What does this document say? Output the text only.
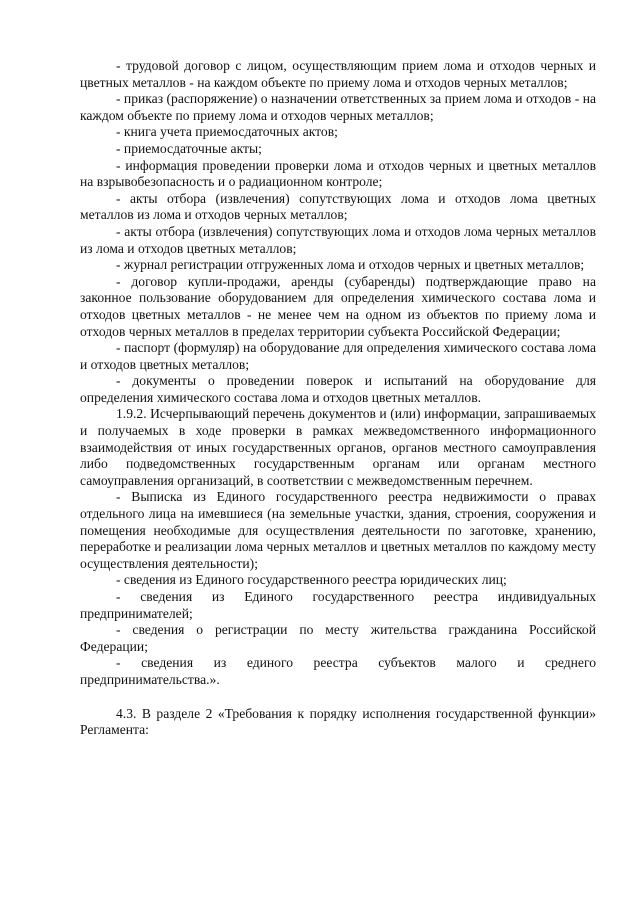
- трудовой договор с лицом, осуществляющим прием лома и отходов черных и цветных металлов - на каждом объекте по приему лома и отходов черных металлов;

- приказ (распоряжение) о назначении ответственных за прием лома и отходов - на каждом объекте по приему лома и отходов черных металлов;

- книга учета приемосдаточных актов;

- приемосдаточные акты;

- информация проведении проверки лома и отходов черных и цветных металлов на взрывобезопасность и о радиационном контроле;

- акты отбора (извлечения) сопутствующих лома и отходов лома цветных металлов из лома и отходов черных металлов;

- акты отбора (извлечения) сопутствующих лома и отходов лома черных металлов из лома и отходов цветных металлов;

- журнал регистрации отгруженных лома и отходов черных и цветных металлов;

- договор купли-продажи, аренды (субаренды) подтверждающие право на законное пользование оборудованием для определения химического состава лома и отходов цветных металлов - не менее чем на одном из объектов по приему лома и отходов черных металлов в пределах территории субъекта Российской Федерации;

- паспорт (формуляр) на оборудование для определения химического состава лома и отходов цветных металлов;

- документы о проведении поверок и испытаний на оборудование для определения химического состава лома и отходов цветных металлов.

1.9.2. Исчерпывающий перечень документов и (или) информации, запрашиваемых и получаемых в ходе проверки в рамках межведомственного информационного взаимодействия от иных государственных органов, органов местного самоуправления либо подведомственных государственным органам или органам местного самоуправления организаций, в соответствии с межведомственным перечнем.

- Выписка из Единого государственного реестра недвижимости о правах отдельного лица на имевшиеся (на земельные участки, здания, строения, сооружения и помещения необходимые для осуществления деятельности по заготовке, хранению, переработке и реализации лома черных металлов и цветных металлов по каждому месту осуществления деятельности);

- сведения из Единого государственного реестра юридических лиц;

- сведения из Единого государственного реестра индивидуальных предпринимателей;

- сведения о регистрации по месту жительства гражданина Российской Федерации;

- сведения из единого реестра субъектов малого и среднего предпринимательства.».

4.3. В разделе 2 «Требования к порядку исполнения государственной функции» Регламента:
